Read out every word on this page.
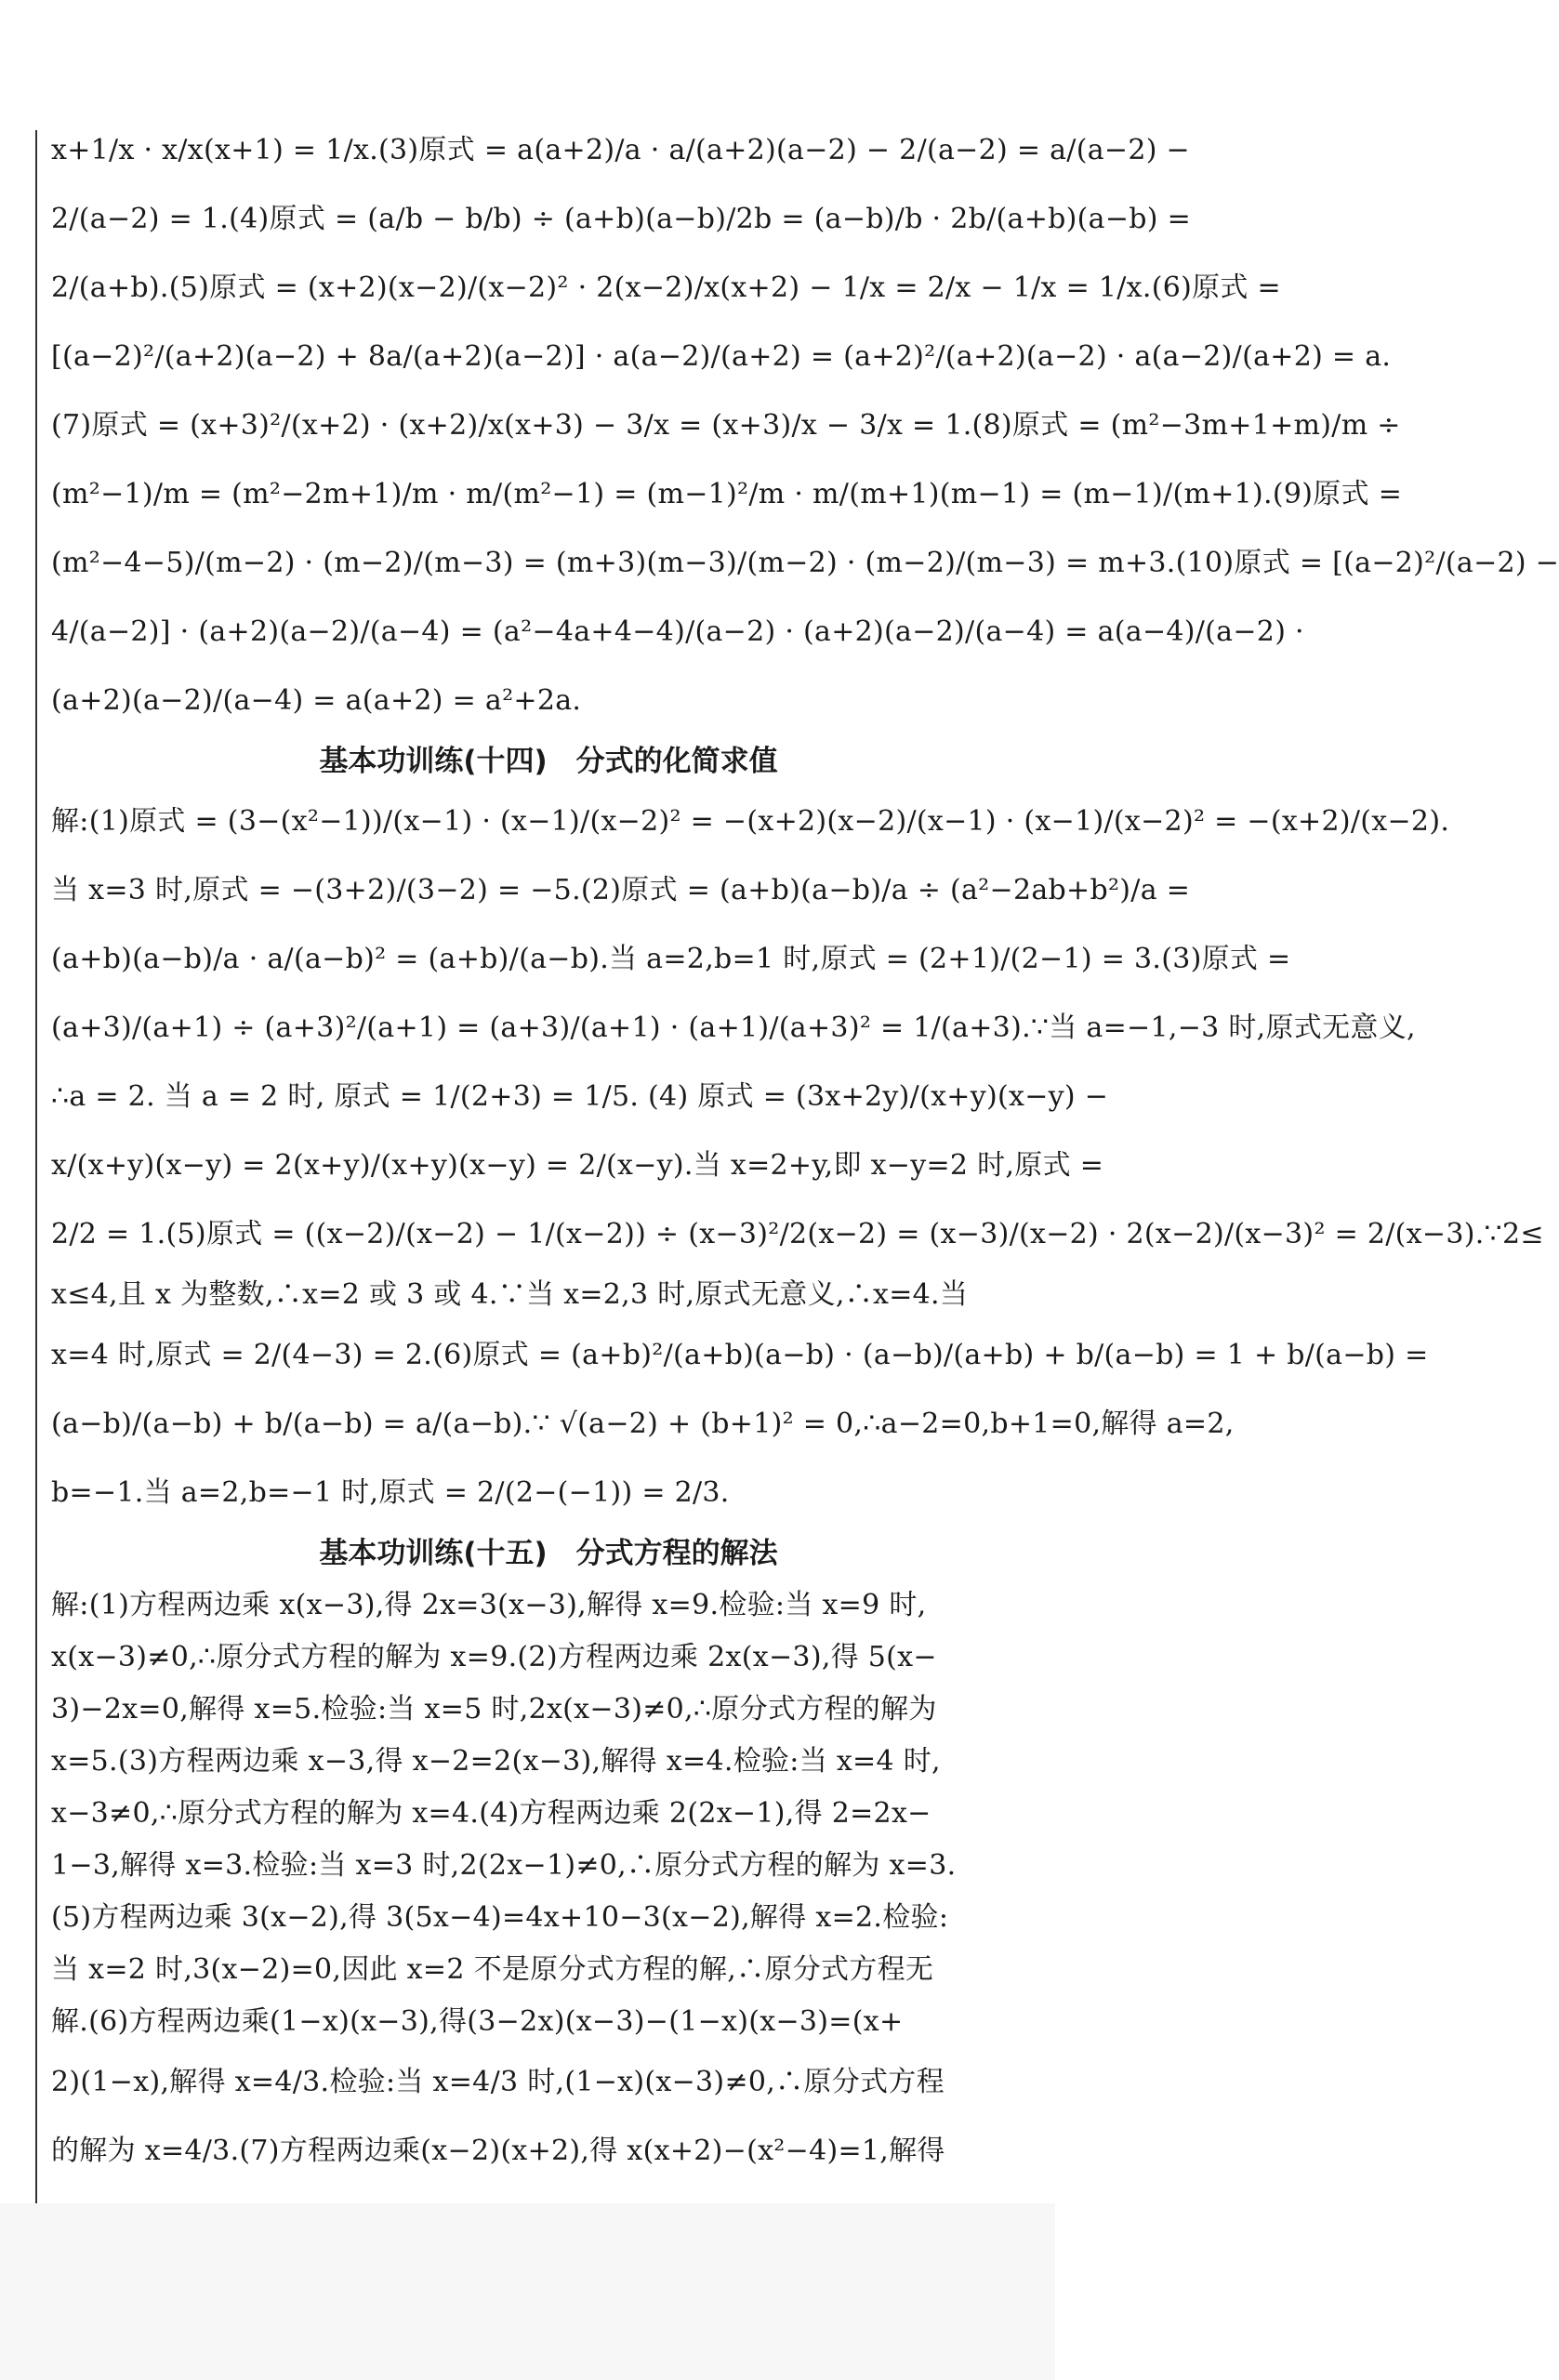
x+1/x · x/x(x+1) = 1/x.(3)原式 = a(a+2)/a · a/(a+2)(a−2) − 2/(a−2) = a/(a−2) −
2/(a−2) = 1.(4)原式 = (a/b − b/b) ÷ (a+b)(a−b)/2b = (a−b)/b · 2b/(a+b)(a−b) =
2/(a+b).(5)原式 = (x+2)(x−2)/(x−2)² · 2(x−2)/x(x+2) − 1/x = 2/x − 1/x = 1/x.(6)原式 =
[(a−2)²/(a+2)(a−2) + 8a/(a+2)(a−2)] · a(a−2)/(a+2) = (a+2)²/(a+2)(a−2) · a(a−2)/(a+2) = a.
(7)原式 = (x+3)²/(x+2) · (x+2)/x(x+3) − 3/x = (x+3)/x − 3/x = 1.(8)原式 = (m²−3m+1+m)/m ÷
(m²−1)/m = (m²−2m+1)/m · m/(m²−1) = (m−1)²/m · m/(m+1)(m−1) = (m−1)/(m+1).(9)原式 =
(m²−4−5)/(m−2) · (m−2)/(m−3) = (m+3)(m−3)/(m−2) · (m−2)/(m−3) = m+3.(10)原式 = [(a−2)²/(a−2) −
4/(a−2)] · (a+2)(a−2)/(a−4) = (a²−4a+4−4)/(a−2) · (a+2)(a−2)/(a−4) = a(a−4)/(a−2) ·
(a+2)(a−2)/(a−4) = a(a+2) = a²+2a.
基本功训练(十四)　分式的化简求值
解:(1)原式 = (3−(x²−1))/(x−1) · (x−1)/(x−2)² = −(x+2)(x−2)/(x−1) · (x−1)/(x−2)² = −(x+2)/(x−2).
当 x=3 时,原式 = −(3+2)/(3−2) = −5.(2)原式 = (a+b)(a−b)/a ÷ (a²−2ab+b²)/a =
(a+b)(a−b)/a · a/(a−b)² = (a+b)/(a−b).当 a=2,b=1 时,原式 = (2+1)/(2−1) = 3.(3)原式 =
(a+3)/(a+1) ÷ (a+3)²/(a+1) = (a+3)/(a+1) · (a+1)/(a+3)² = 1/(a+3).∵当 a=−1,−3 时,原式无意义,
∴a = 2. 当 a = 2 时, 原式 = 1/(2+3) = 1/5. (4) 原式 = (3x+2y)/(x+y)(x−y) −
x/(x+y)(x−y) = 2(x+y)/(x+y)(x−y) = 2/(x−y).当 x=2+y,即 x−y=2 时,原式 =
2/2 = 1.(5)原式 = ((x−2)/(x−2) − 1/(x−2)) ÷ (x−3)²/2(x−2) = (x−3)/(x−2) · 2(x−2)/(x−3)² = 2/(x−3).∵2≤
x≤4,且 x 为整数,∴x=2 或 3 或 4.∵当 x=2,3 时,原式无意义,∴x=4.当
x=4 时,原式 = 2/(4−3) = 2.(6)原式 = (a+b)²/(a+b)(a−b) · (a−b)/(a+b) + b/(a−b) = 1 + b/(a−b) =
(a−b)/(a−b) + b/(a−b) = a/(a−b).∵ √(a−2) + (b+1)² = 0,∴a−2=0,b+1=0,解得 a=2,
b=−1.当 a=2,b=−1 时,原式 = 2/(2−(−1)) = 2/3.
基本功训练(十五)　分式方程的解法
解:(1)方程两边乘 x(x−3),得 2x=3(x−3),解得 x=9.检验:当 x=9 时,
x(x−3)≠0,∴原分式方程的解为 x=9.(2)方程两边乘 2x(x−3),得 5(x−
3)−2x=0,解得 x=5.检验:当 x=5 时,2x(x−3)≠0,∴原分式方程的解为
x=5.(3)方程两边乘 x−3,得 x−2=2(x−3),解得 x=4.检验:当 x=4 时,
x−3≠0,∴原分式方程的解为 x=4.(4)方程两边乘 2(2x−1),得 2=2x−
1−3,解得 x=3.检验:当 x=3 时,2(2x−1)≠0,∴原分式方程的解为 x=3.
(5)方程两边乘 3(x−2),得 3(5x−4)=4x+10−3(x−2),解得 x=2.检验:
当 x=2 时,3(x−2)=0,因此 x=2 不是原分式方程的解,∴原分式方程无
解.(6)方程两边乘(1−x)(x−3),得(3−2x)(x−3)−(1−x)(x−3)=(x+
2)(1−x),解得 x=4/3.检验:当 x=4/3 时,(1−x)(x−3)≠0,∴原分式方程
的解为 x=4/3.(7)方程两边乘(x−2)(x+2),得 x(x+2)−(x²−4)=1,解得
